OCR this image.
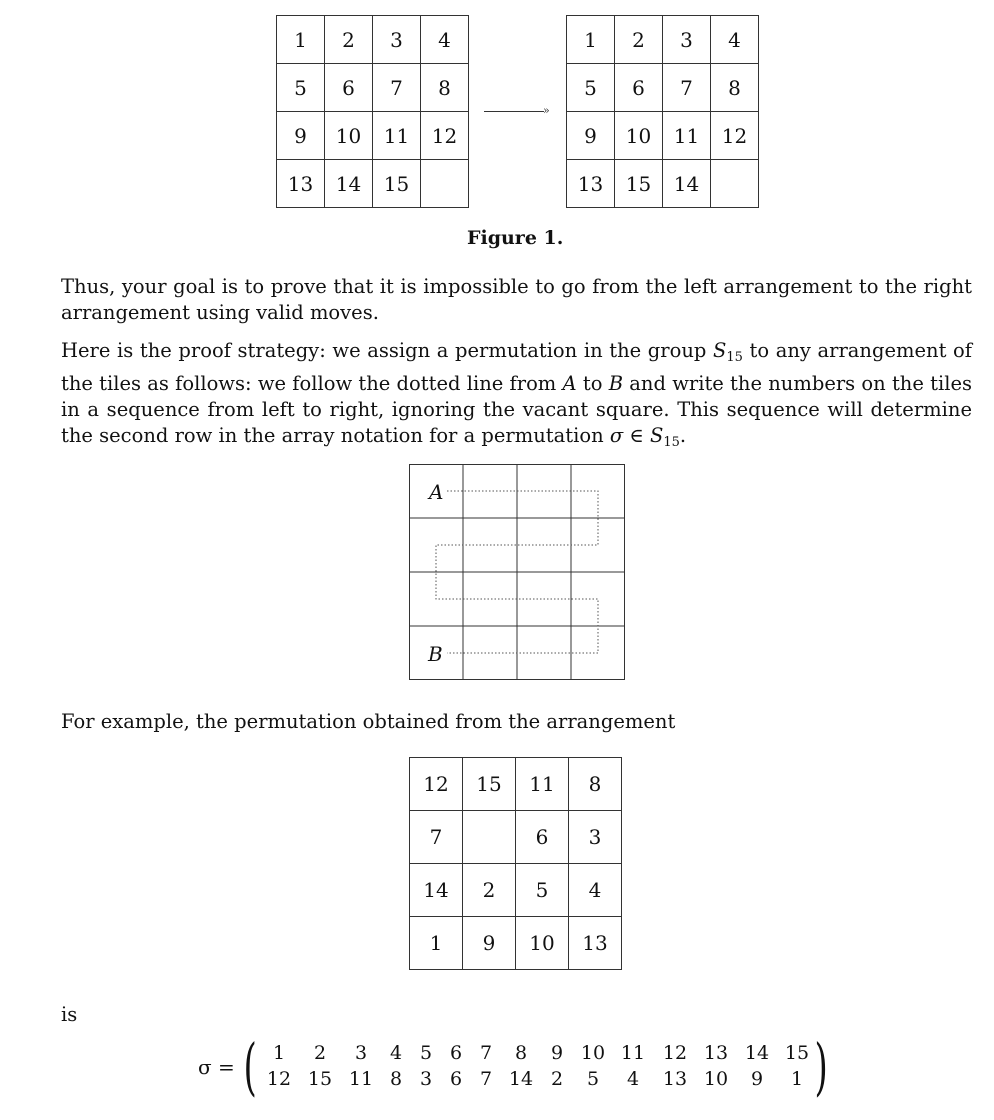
1	2	3	4
5	6	7	8
9	10	11	12
13	14	15	
»
1	2	3	4
5	6	7	8
9	10	11	12
13	15	14	
Figure 1.

Thus, your goal is to prove that it is impossible to go from the left arrangement to the right arrangement using valid moves.

Here is the proof strategy: we assign a permutation in the group $S_{15}$ to any arrangement of the tiles as follows: we follow the dotted line from A to B and write the numbers on the tiles in a sequence from left to right, ignoring the vacant square. This sequence will determine the second row in the array notation for a permutation σ ∈ $S_{15}$.

A
B

For example, the permutation obtained from the arrangement

12	15	11	8
7		6	3
14	2	5	4
1	9	10	13

is

σ = (	)
1	2	3	4 5 6 7	8	9 10 11 12 13 14 15
12 15 11 8 3 6 7 14 2	5	4	13 10	9	1
